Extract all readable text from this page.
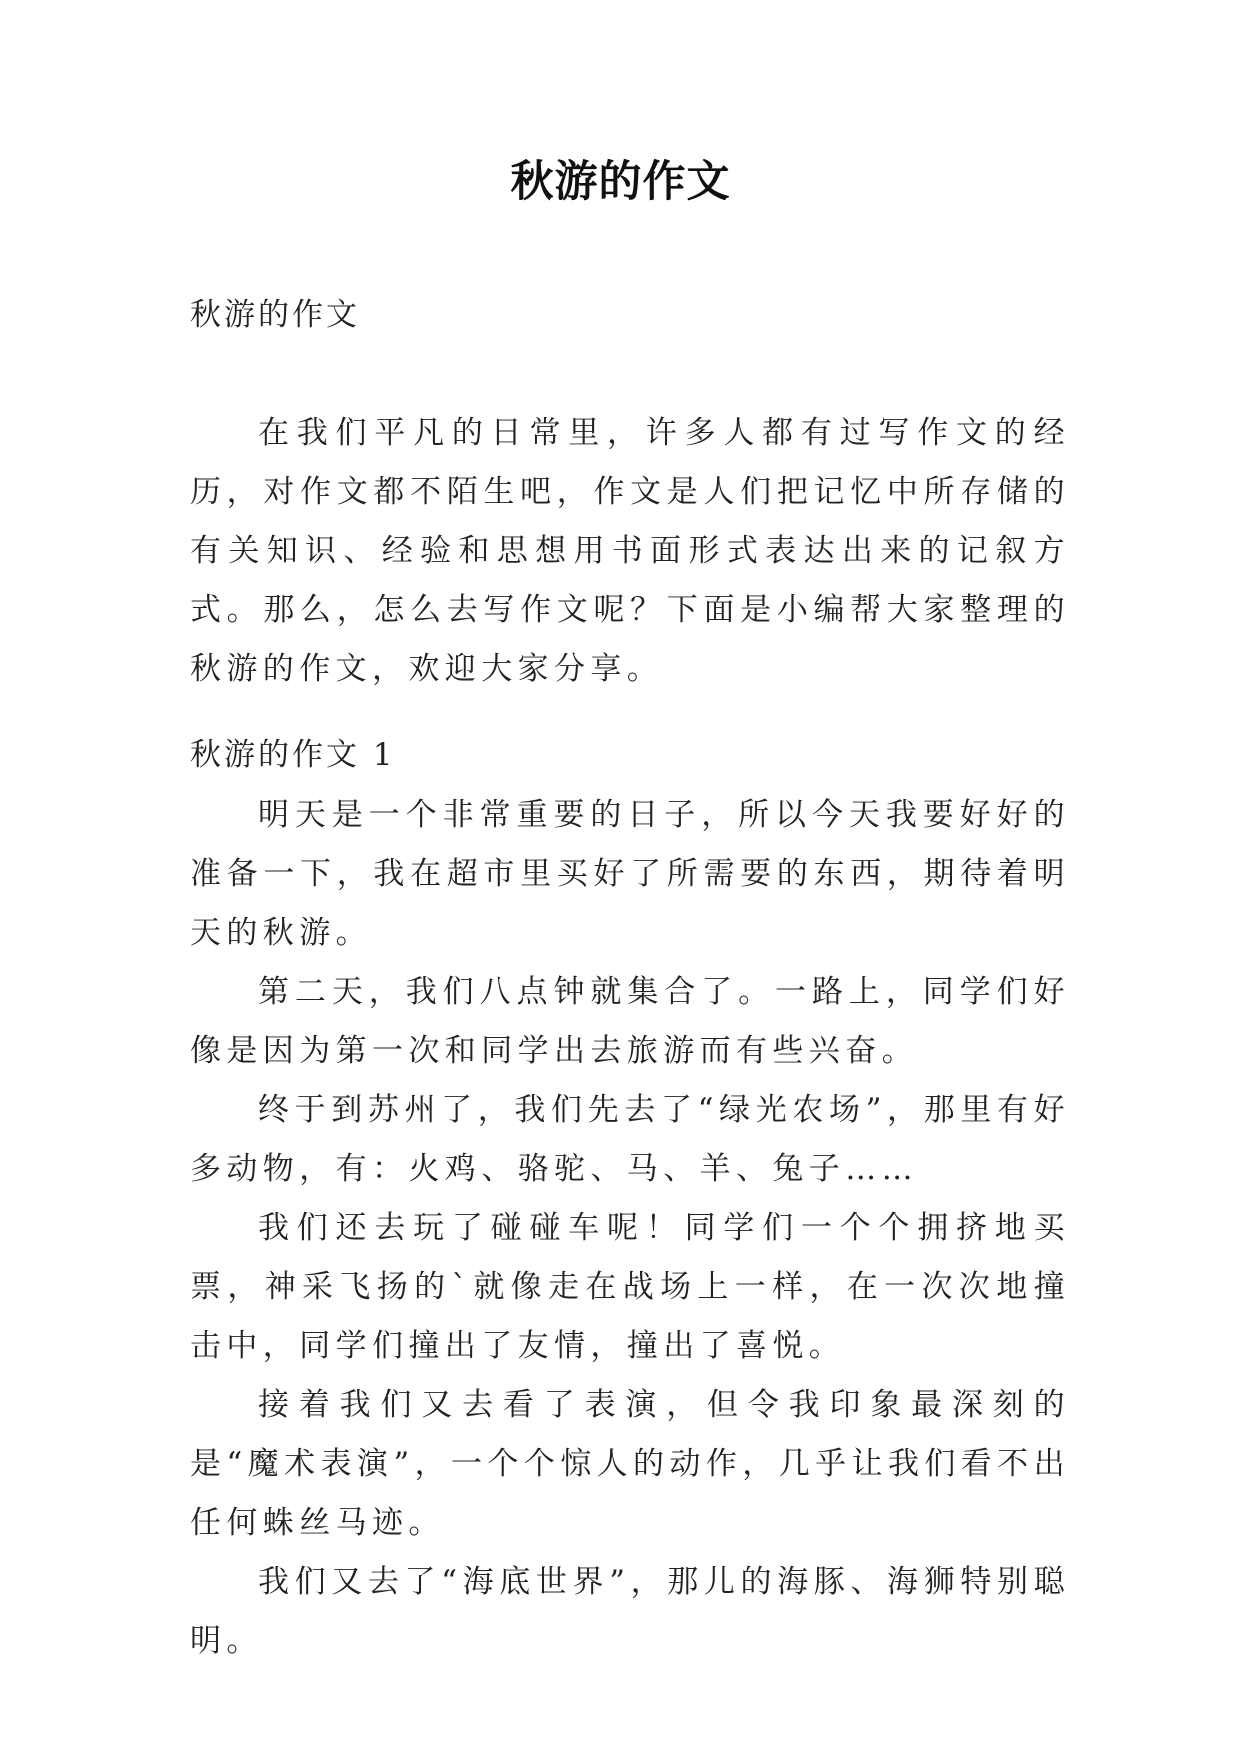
秋游的作文
秋游的作文
在我们平凡的日常里，许多人都有过写作文的经历，对作文都不陌生吧，作文是人们把记忆中所存储的有关知识、经验和思想用书面形式表达出来的记叙方式。那么，怎么去写作文呢？下面是小编帮大家整理的秋游的作文，欢迎大家分享。
秋游的作文 1

明天是一个非常重要的日子，所以今天我要好好的准备一下，我在超市里买好了所需要的东西，期待着明天的秋游。

第二天，我们八点钟就集合了。一路上，同学们好像是因为第一次和同学出去旅游而有些兴奋。

终于到苏州了，我们先去了“绿光农场”，那里有好多动物，有：火鸡、骆驼、马、羊、兔子……

我们还去玩了碰碰车呢！同学们一个个拥挤地买票，神采飞扬的`就像走在战场上一样，在一次次地撞击中，同学们撞出了友情，撞出了喜悦。

接着我们又去看了表演，但令我印象最深刻的是“魔术表演”，一个个惊人的动作，几乎让我们看不出任何蛛丝马迹。

我们又去了“海底世界”，那儿的海豚、海狮特别聪明。
